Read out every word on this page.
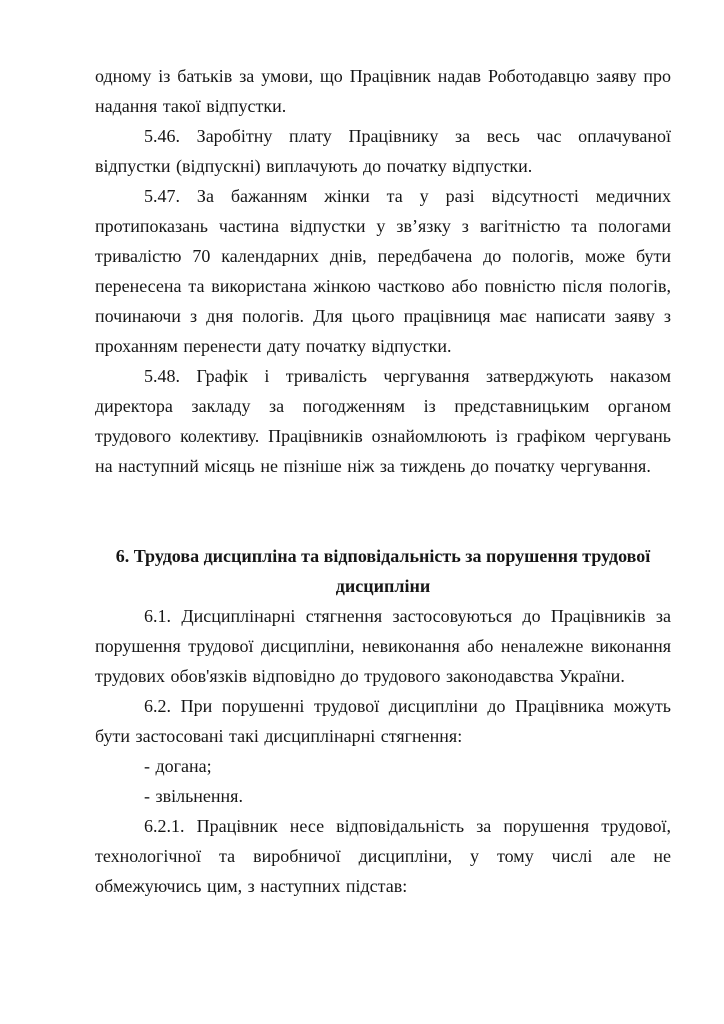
одному із батьків за умови, що Працівник надав Роботодавцю заяву про надання такої відпустки.

5.46. Заробітну плату Працівнику за весь час оплачуваної відпустки (відпускні) виплачують до початку відпустки.

5.47. За бажанням жінки та у разі відсутності медичних протипоказань частина відпустки у зв’язку з вагітністю та пологами тривалістю 70 календарних днів, передбачена до пологів, може бути перенесена та використана жінкою частково або повністю після пологів, починаючи з дня пологів. Для цього працівниця має написати заяву з проханням перенести дату початку відпустки.

5.48. Графік і тривалість чергування затверджують наказом директора закладу за погодженням із представницьким органом трудового колективу. Працівників ознайомлюють із графіком чергувань на наступний місяць не пізніше ніж за тиждень до початку чергування.

6. Трудова дисципліна та відповідальність за порушення трудової
дисципліни

6.1. Дисциплінарні стягнення застосовуються до Працівників за порушення трудової дисципліни, невиконання або неналежне виконання трудових обов'язків відповідно до трудового законодавства України.

6.2. При порушенні трудової дисципліни до Працівника можуть бути застосовані такі дисциплінарні стягнення:

- догана;

- звільнення.

6.2.1. Працівник несе відповідальність за порушення трудової, технологічної та виробничої дисципліни, у тому числі але не обмежуючись цим, з наступних підстав:
